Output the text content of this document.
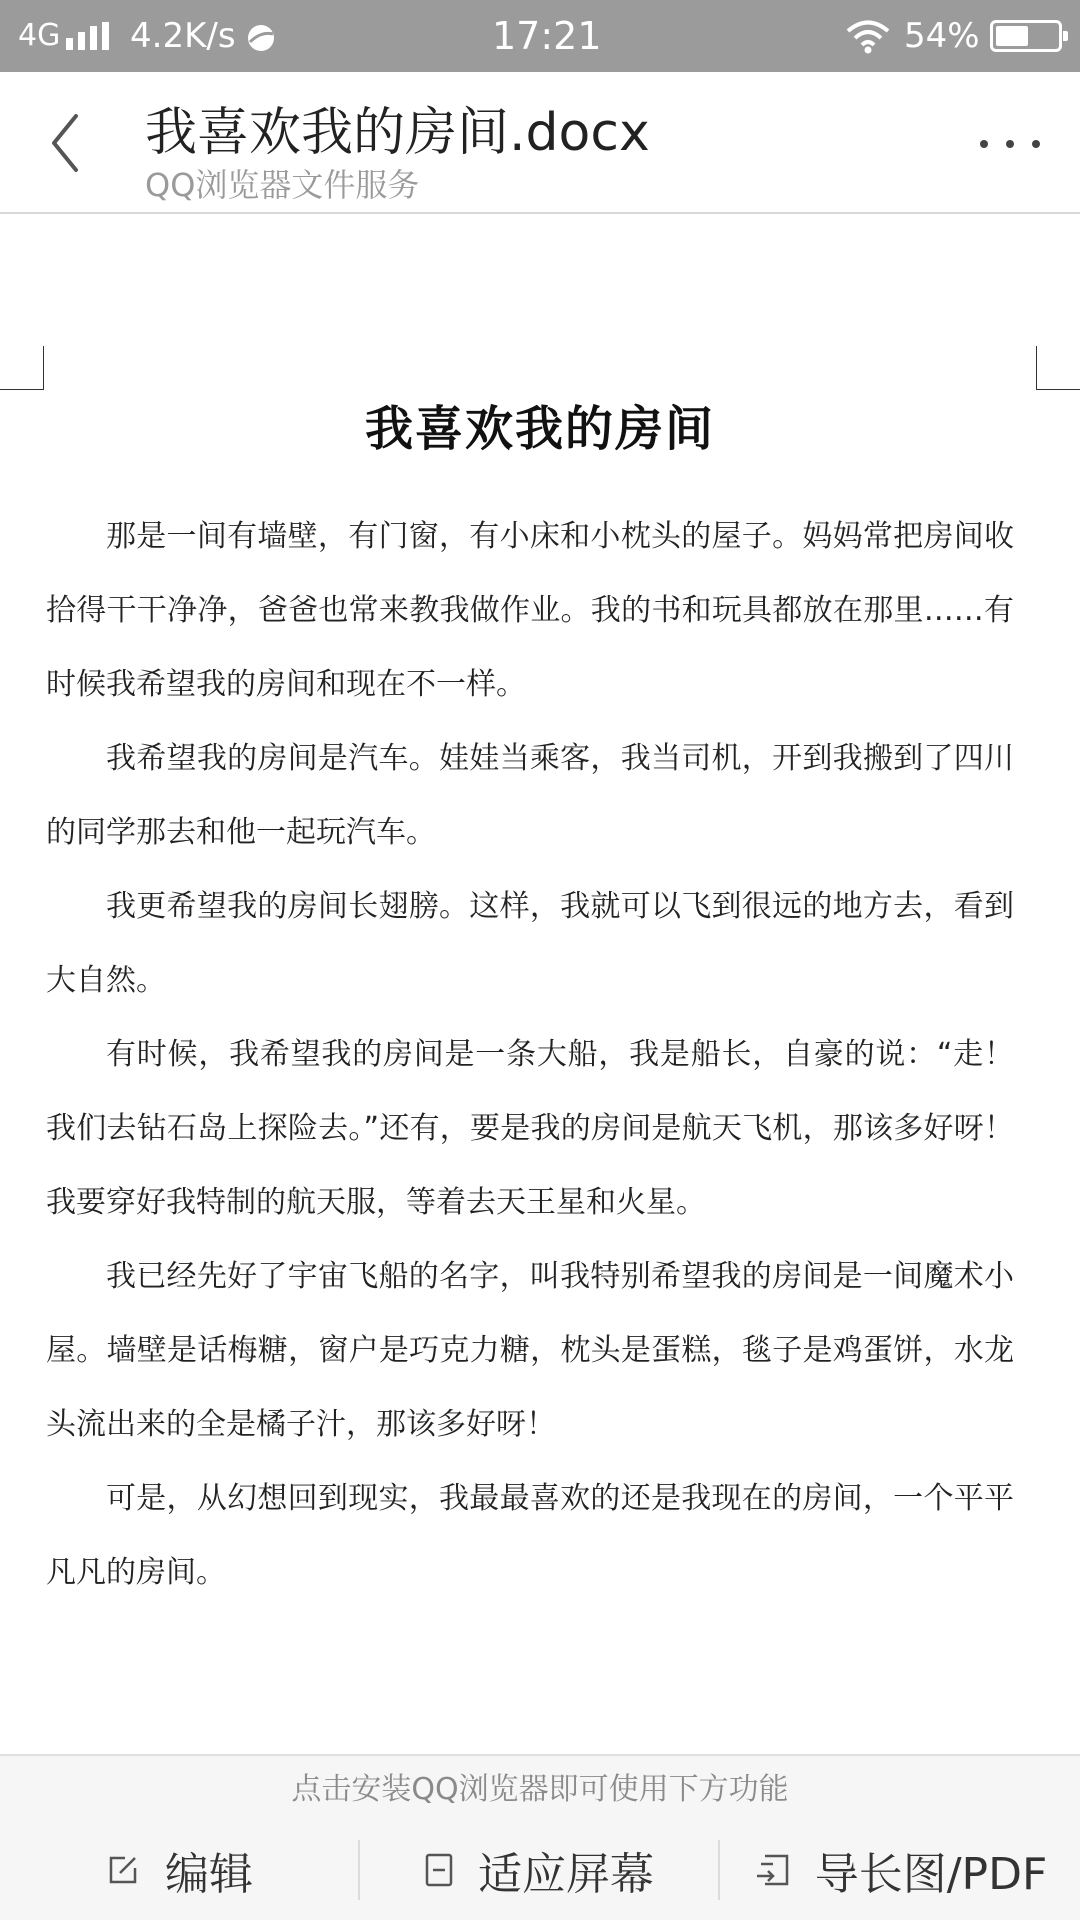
4G 4.2K/s	17:21	54%
我喜欢我的房间.docx
QQ浏览器文件服务
我喜欢我的房间

那是一间有墙壁，有门窗，有小床和小枕头的屋子。妈妈常把房间收拾得干干净净，爸爸也常来教我做作业。我的书和玩具都放在那里……有时候我希望我的房间和现在不一样。

我希望我的房间是汽车。娃娃当乘客，我当司机，开到我搬到了四川的同学那去和他一起玩汽车。

我更希望我的房间长翅膀。这样，我就可以飞到很远的地方去，看到大自然。

有时候，我希望我的房间是一条大船，我是船长，自豪的说：“走！我们去钻石岛上探险去。”还有，要是我的房间是航天飞机，那该多好呀！我要穿好我特制的航天服，等着去天王星和火星。

我已经先好了宇宙飞船的名字，叫我特别希望我的房间是一间魔术小屋。墙壁是话梅糖，窗户是巧克力糖，枕头是蛋糕，毯子是鸡蛋饼，水龙头流出来的全是橘子汁，那该多好呀！

可是，从幻想回到现实，我最最喜欢的还是我现在的房间，一个平平凡凡的房间。

点击安装QQ浏览器即可使用下方功能
编辑	适应屏幕	导长图/PDF
